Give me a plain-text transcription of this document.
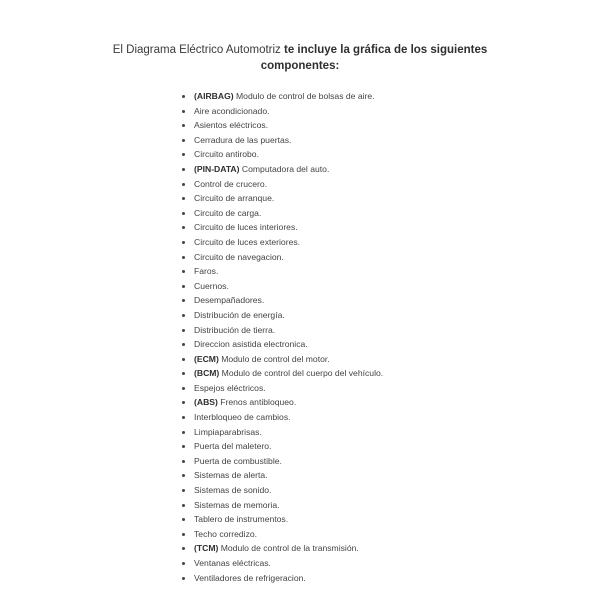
El Diagrama Eléctrico Automotriz te incluye la gráfica de los siguientes componentes:
(AIRBAG) Modulo de control de bolsas de aire.
Aire acondicionado.
Asientos eléctricos.
Cerradura de las puertas.
Circuito antirobo.
(PIN-DATA) Computadora del auto.
Control de crucero.
Circuito de arranque.
Circuito de carga.
Circuito de luces interiores.
Circuito de luces exteriores.
Circuito de navegacion.
Faros.
Cuernos.
Desempañadores.
Distribución de energía.
Distribución de tierra.
Direccion asistida electronica.
(ECM) Modulo de control del motor.
(BCM) Modulo de control del cuerpo del vehículo.
Espejos eléctricos.
(ABS) Frenos antibloqueo.
Interbloqueo de cambios.
Limpiaparabrisas.
Puerta del maletero.
Puerta de combustible.
Sistemas de alerta.
Sistemas de sonido.
Sistemas de memoria.
Tablero de instrumentos.
Techo corredizo.
(TCM) Modulo de control de la transmisión.
Ventanas eléctricas.
Ventiladores de refrigeracion.
